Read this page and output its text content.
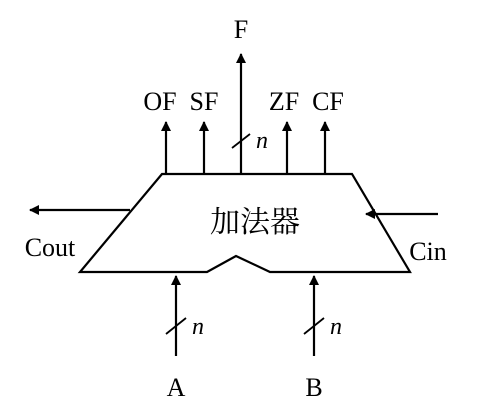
加法器
n
F
OF SF ZF CF
Cout	Cin
n
A
n
B
